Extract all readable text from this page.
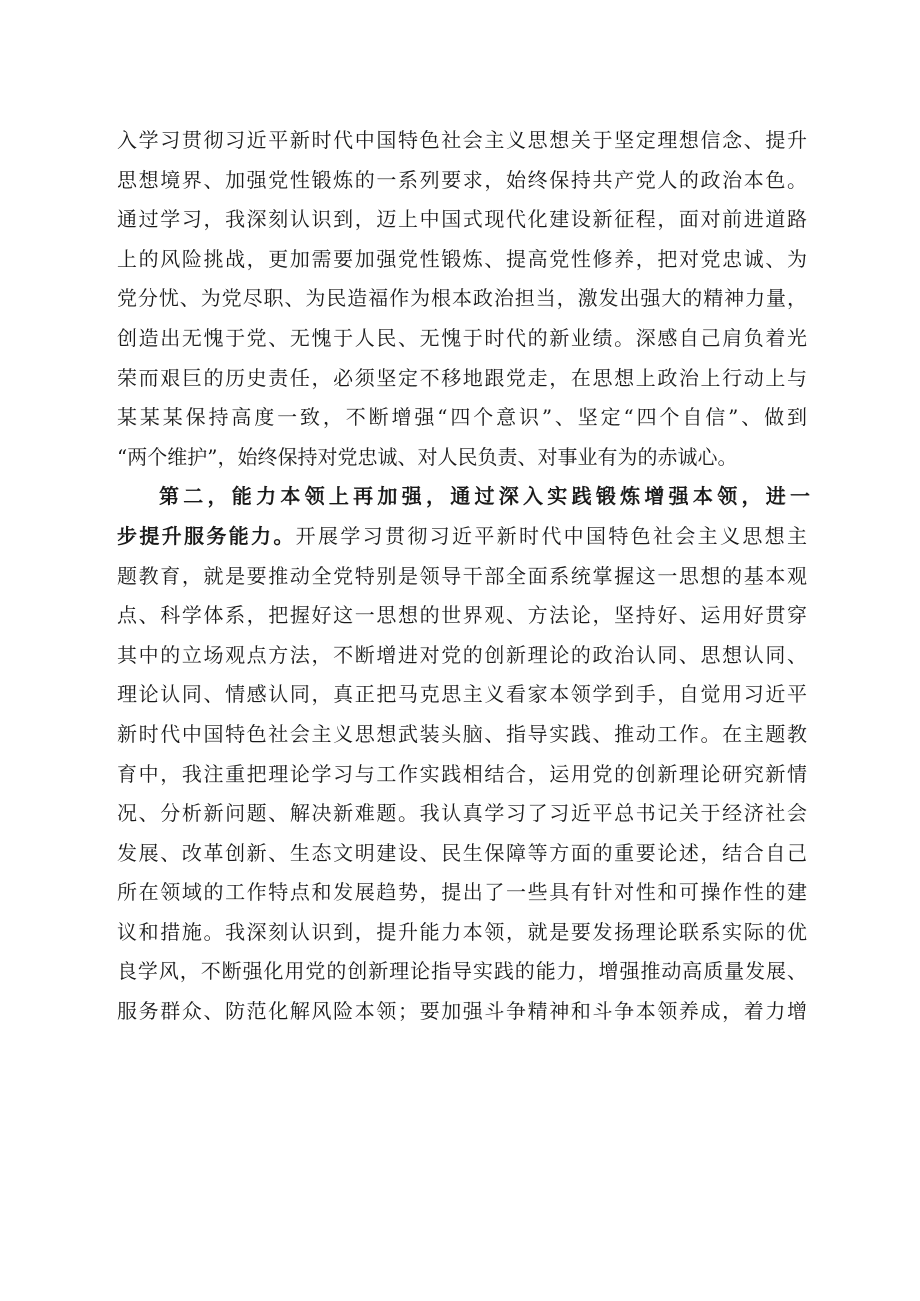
入学习贯彻习近平新时代中国特色社会主义思想关于坚定理想信念、提升
思想境界、加强党性锻炼的一系列要求，始终保持共产党人的政治本色。
通过学习，我深刻认识到，迈上中国式现代化建设新征程，面对前进道路
上的风险挑战，更加需要加强党性锻炼、提高党性修养，把对党忠诚、为
党分忧、为党尽职、为民造福作为根本政治担当，激发出强大的精神力量，
创造出无愧于党、无愧于人民、无愧于时代的新业绩。深感自己肩负着光
荣而艰巨的历史责任，必须坚定不移地跟党走，在思想上政治上行动上与
某某某保持高度一致，不断增强“四个意识”、坚定“四个自信”、做到
“两个维护”，始终保持对党忠诚、对人民负责、对事业有为的赤诚心。
第二，能力本领上再加强，通过深入实践锻炼增强本领，进一
步提升服务能力。开展学习贯彻习近平新时代中国特色社会主义思想主
题教育，就是要推动全党特别是领导干部全面系统掌握这一思想的基本观
点、科学体系，把握好这一思想的世界观、方法论，坚持好、运用好贯穿
其中的立场观点方法，不断增进对党的创新理论的政治认同、思想认同、
理论认同、情感认同，真正把马克思主义看家本领学到手，自觉用习近平
新时代中国特色社会主义思想武装头脑、指导实践、推动工作。在主题教
育中，我注重把理论学习与工作实践相结合，运用党的创新理论研究新情
况、分析新问题、解决新难题。我认真学习了习近平总书记关于经济社会
发展、改革创新、生态文明建设、民生保障等方面的重要论述，结合自己
所在领域的工作特点和发展趋势，提出了一些具有针对性和可操作性的建
议和措施。我深刻认识到，提升能力本领，就是要发扬理论联系实际的优
良学风，不断强化用党的创新理论指导实践的能力，增强推动高质量发展、
服务群众、防范化解风险本领；要加强斗争精神和斗争本领养成，着力增
